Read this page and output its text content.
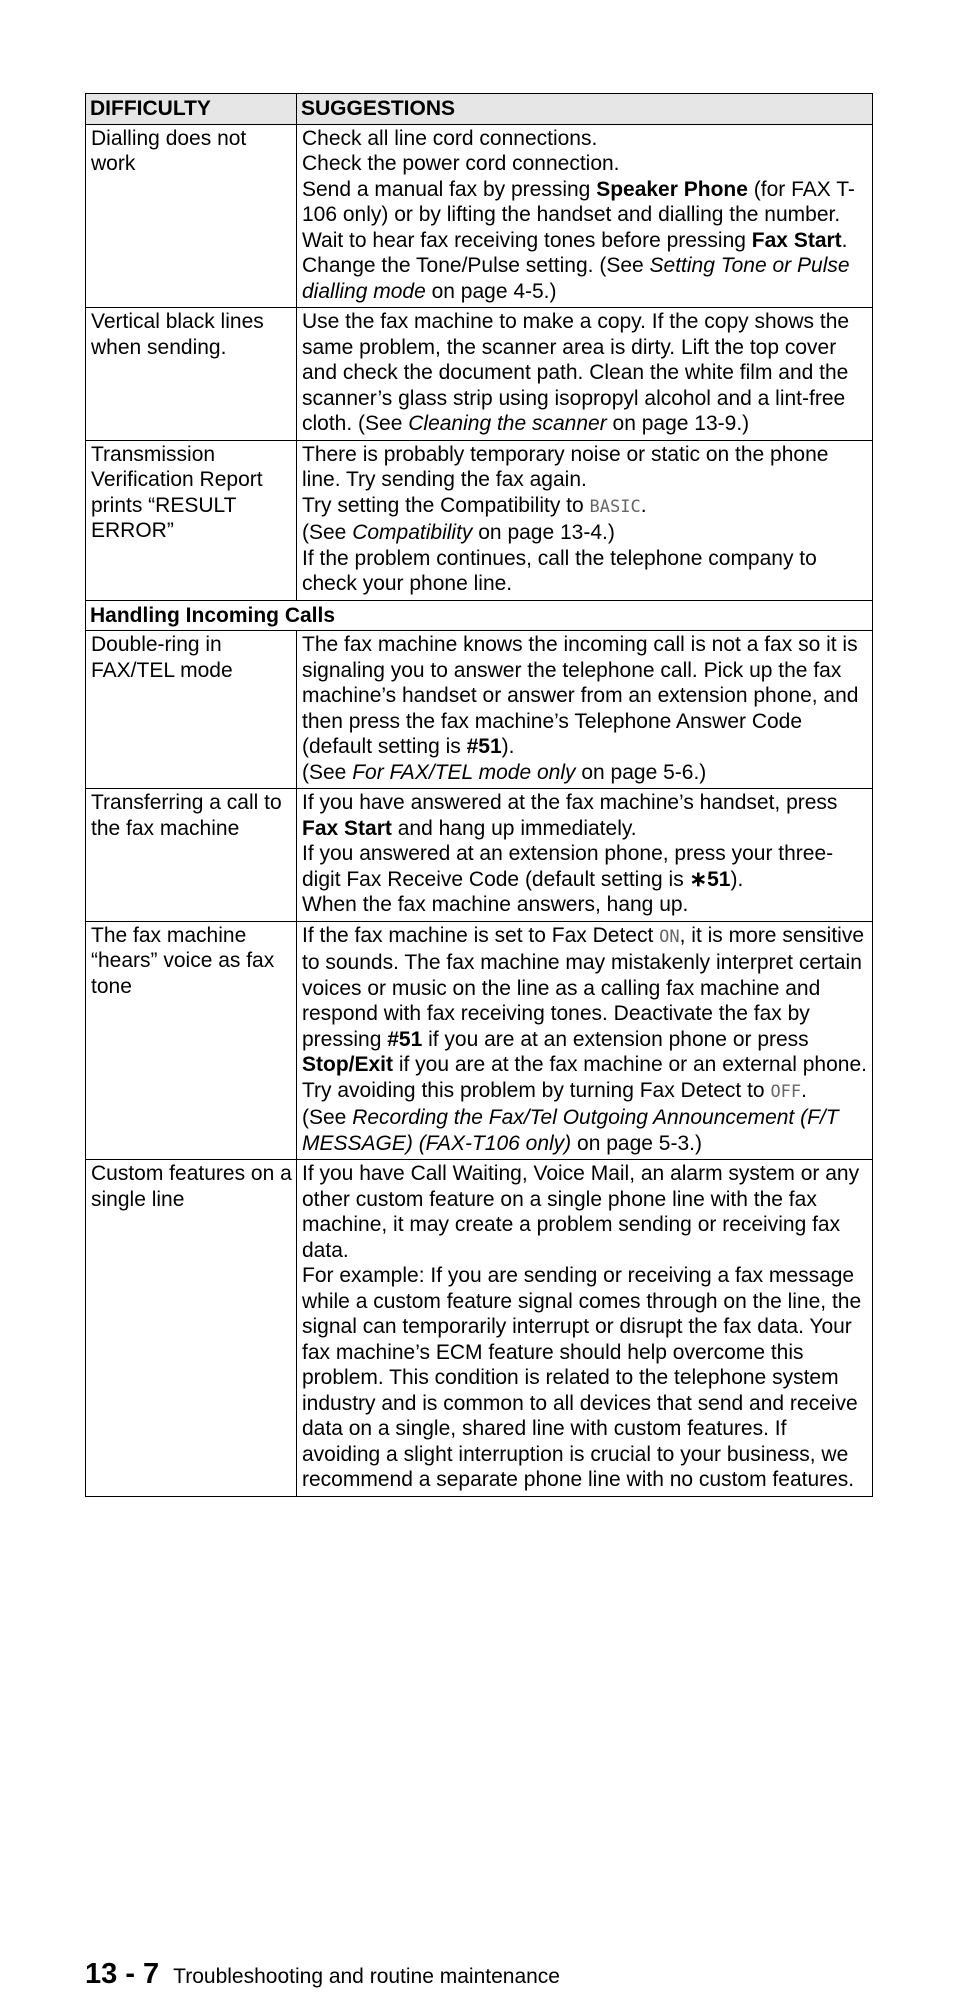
DIFFICULTY	SUGGESTIONS
Dialling does not work	Check all line cord connections.
Check the power cord connection.
Send a manual fax by pressing Speaker Phone (for FAX T-106 only) or by lifting the handset and dialling the number. Wait to hear fax receiving tones before pressing Fax Start.
Change the Tone/Pulse setting. (See Setting Tone or Pulse dialling mode on page 4-5.)

Vertical black lines when sending.	Use the fax machine to make a copy. If the copy shows the same problem, the scanner area is dirty. Lift the top cover and check the document path. Clean the white film and the scanner’s glass strip using isopropyl alcohol and a lint-free cloth. (See Cleaning the scanner on page 13-9.)

Transmission Verification Report prints “RESULT ERROR”	There is probably temporary noise or static on the phone line. Try sending the fax again.
Try setting the Compatibility to BASIC.
(See Compatibility on page 13-4.)
If the problem continues, call the telephone company to check your phone line.

Handling Incoming Calls	
Double-ring in FAX/TEL mode	The fax machine knows the incoming call is not a fax so it is signaling you to answer the telephone call. Pick up the fax machine’s handset or answer from an extension phone, and then press the fax machine’s Telephone Answer Code (default setting is #51).
(See For FAX/TEL mode only on page 5-6.)

Transferring a call to the fax machine	If you have answered at the fax machine’s handset, press Fax Start and hang up immediately.
If you answered at an extension phone, press your three-digit Fax Receive Code (default setting is ∗51).
When the fax machine answers, hang up.

The fax machine “hears” voice as fax tone	If the fax machine is set to Fax Detect ON, it is more sensitive to sounds. The fax machine may mistakenly interpret certain voices or music on the line as a calling fax machine and respond with fax receiving tones. Deactivate the fax by pressing #51 if you are at an extension phone or press Stop/Exit if you are at the fax machine or an external phone.
Try avoiding this problem by turning Fax Detect to OFF.
(See Recording the Fax/Tel Outgoing Announcement (F/T MESSAGE) (FAX-T106 only) on page 5-3.)

Custom features on a single line	If you have Call Waiting, Voice Mail, an alarm system or any other custom feature on a single phone line with the fax machine, it may create a problem sending or receiving fax data.
For example: If you are sending or receiving a fax message while a custom feature signal comes through on the line, the signal can temporarily interrupt or disrupt the fax data. Your fax machine’s ECM feature should help overcome this problem. This condition is related to the telephone system industry and is common to all devices that send and receive data on a single, shared line with custom features. If avoiding a slight interruption is crucial to your business, we recommend a separate phone line with no custom features.
13 - 7 Troubleshooting and routine maintenance
